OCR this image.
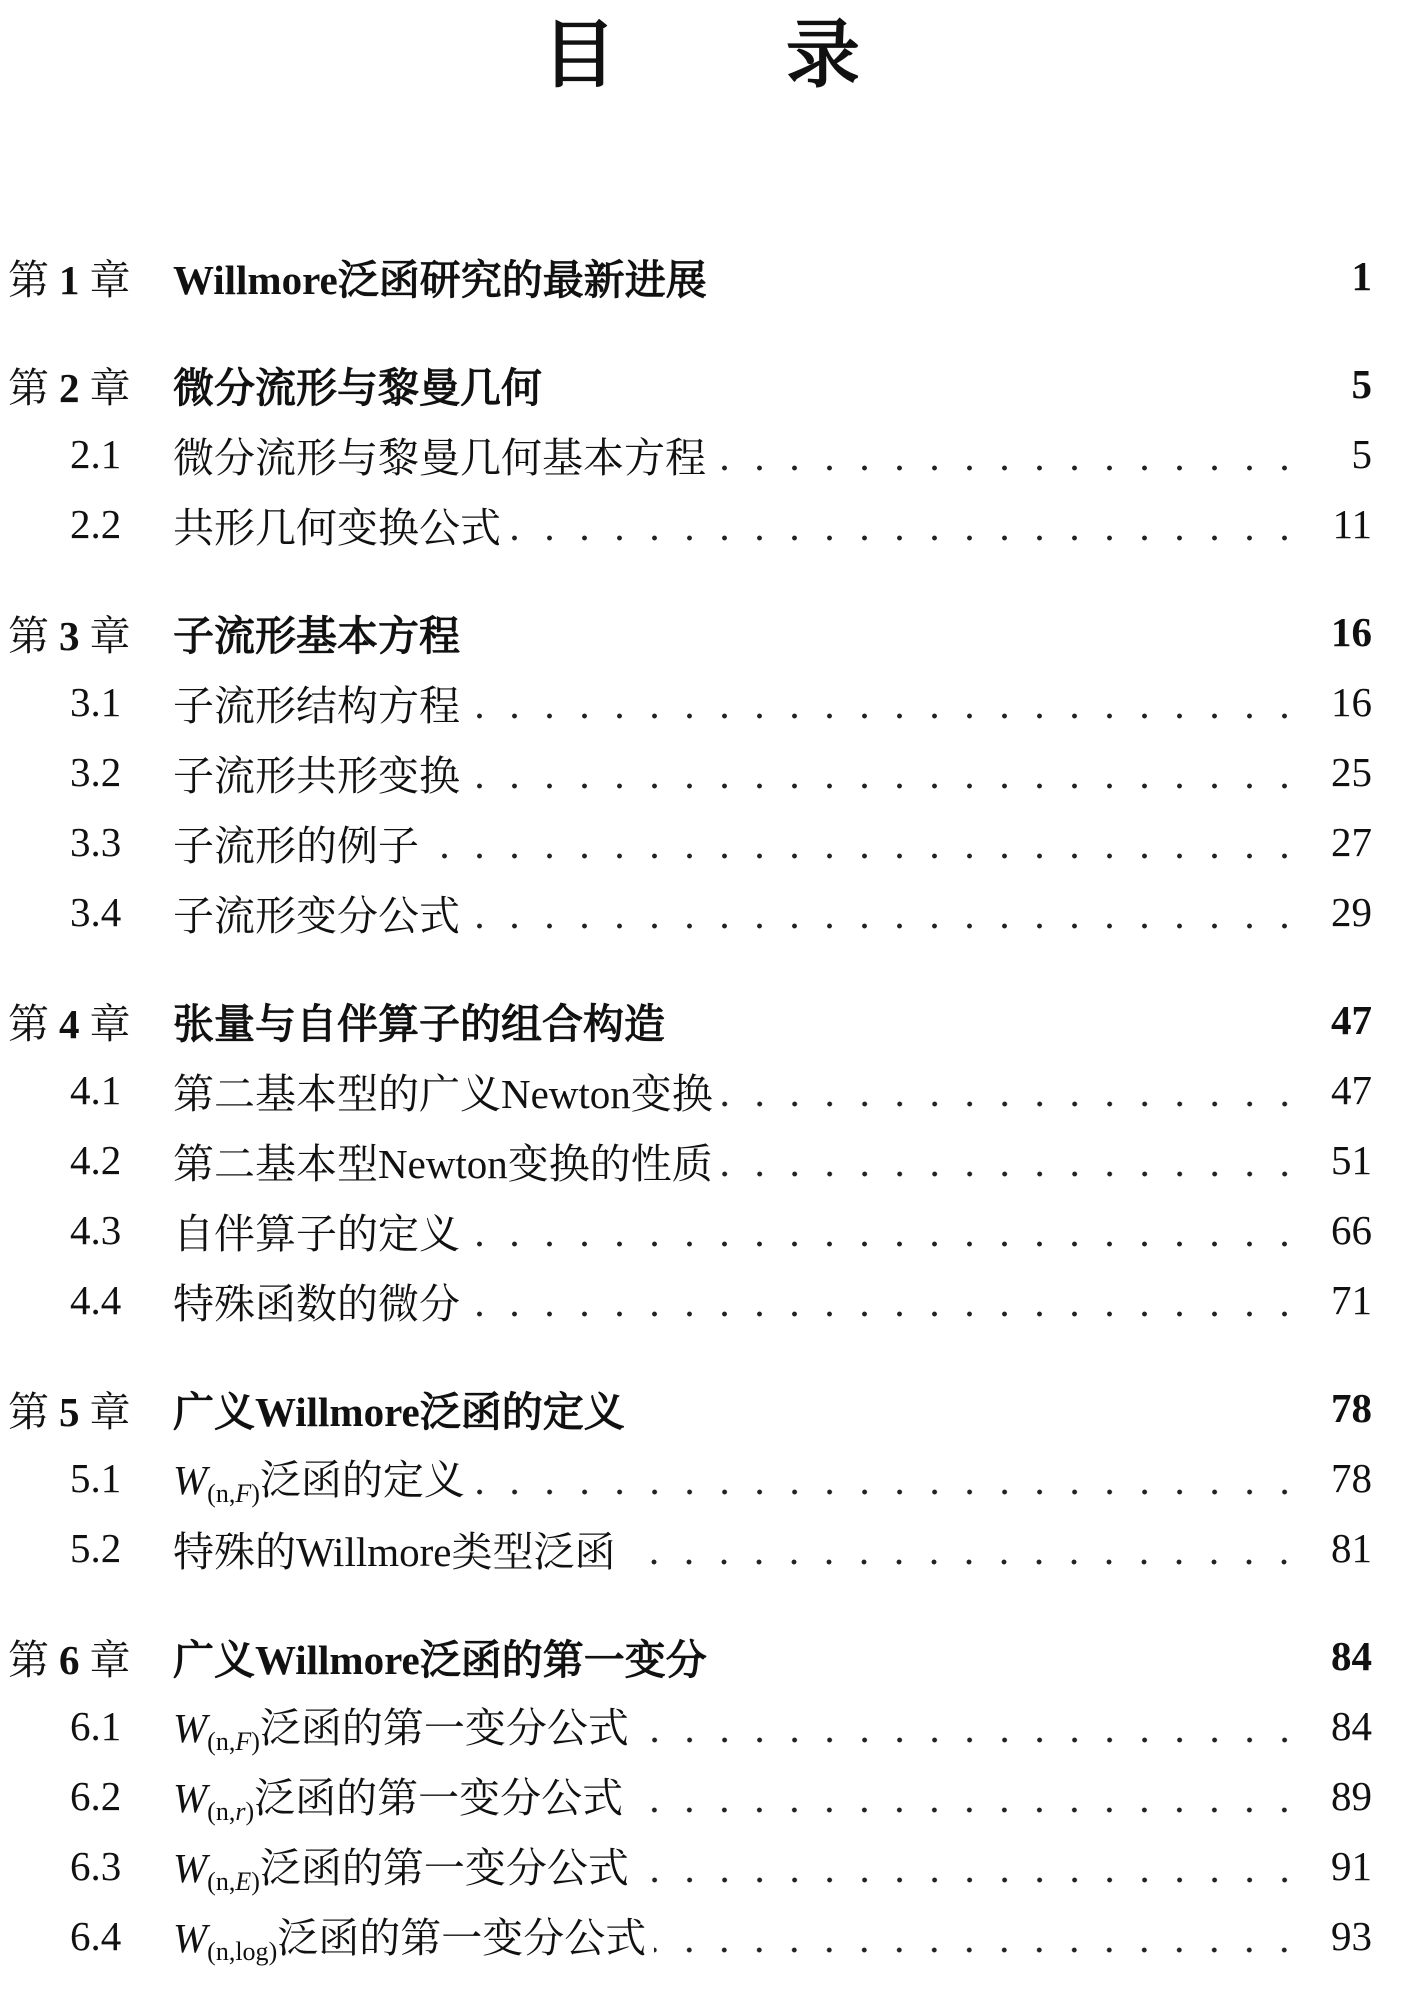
目 录
第 1 章	Willmore泛函研究的最新进展	1
第 2 章	微分流形与黎曼几何	5
2.1	微分流形与黎曼几何基本方程	5
2.2	共形几何变换公式	11
第 3 章	子流形基本方程	16
3.1	子流形结构方程	16
3.2	子流形共形变换	25
3.3	子流形的例子	27
3.4	子流形变分公式	29
第 4 章	张量与自伴算子的组合构造	47
4.1	第二基本型的广义Newton变换	47
4.2	第二基本型Newton变换的性质	51
4.3	自伴算子的定义	66
4.4	特殊函数的微分	71
第 5 章	广义Willmore泛函的定义	78
5.1	$W_{(n,F)}$泛函的定义	78
5.2	特殊的Willmore类型泛函	81
第 6 章	广义Willmore泛函的第一变分	84
6.1	$W_{(n,F)}$泛函的第一变分公式	84
6.2	$W_{(n,r)}$泛函的第一变分公式	89
6.3	$W_{(n,E)}$泛函的第一变分公式	91
6.4	$W_{(n,log)}$泛函的第一变分公式	93
